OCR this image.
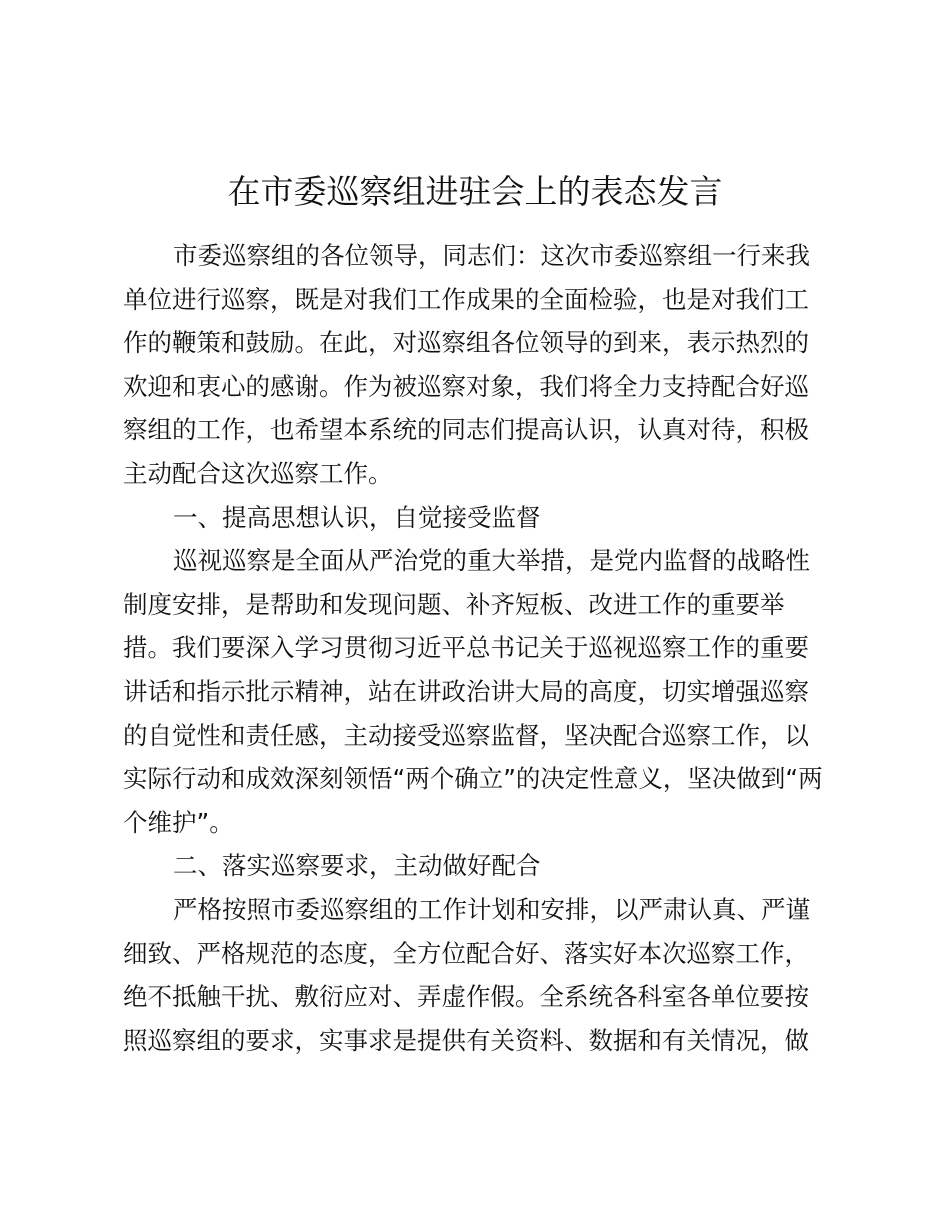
在市委巡察组进驻会上的表态发言
市委巡察组的各位领导，同志们：这次市委巡察组一行来我
单位进行巡察，既是对我们工作成果的全面检验，也是对我们工
作的鞭策和鼓励。在此，对巡察组各位领导的到来，表示热烈的
欢迎和衷心的感谢。作为被巡察对象，我们将全力支持配合好巡
察组的工作，也希望本系统的同志们提高认识，认真对待，积极
主动配合这次巡察工作。
一、提高思想认识，自觉接受监督
巡视巡察是全面从严治党的重大举措，是党内监督的战略性
制度安排，是帮助和发现问题、补齐短板、改进工作的重要举
措。我们要深入学习贯彻习近平总书记关于巡视巡察工作的重要
讲话和指示批示精神，站在讲政治讲大局的高度，切实增强巡察
的自觉性和责任感，主动接受巡察监督，坚决配合巡察工作，以
实际行动和成效深刻领悟“两个确立”的决定性意义，坚决做到“两
个维护”。
二、落实巡察要求，主动做好配合
严格按照市委巡察组的工作计划和安排，以严肃认真、严谨
细致、严格规范的态度，全方位配合好、落实好本次巡察工作，
绝不抵触干扰、敷衍应对、弄虚作假。全系统各科室各单位要按
照巡察组的要求，实事求是提供有关资料、数据和有关情况，做
